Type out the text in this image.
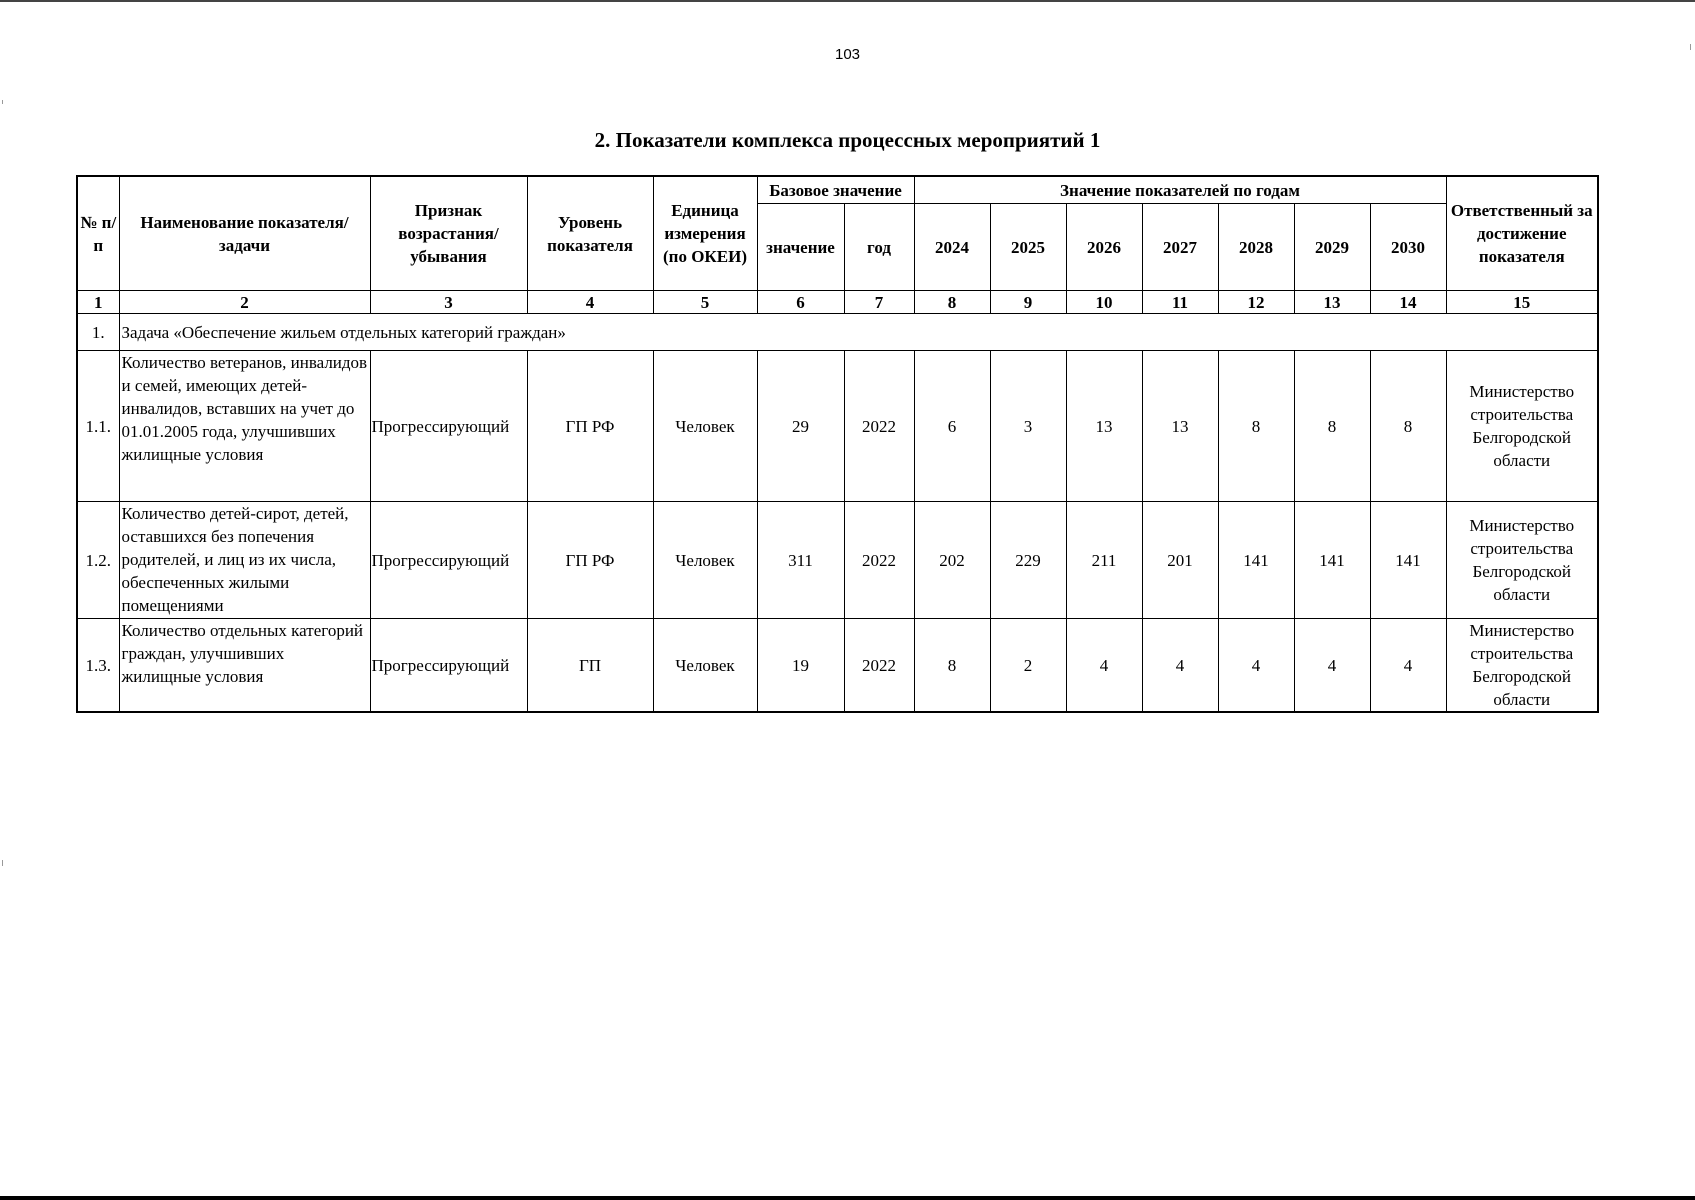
103
2. Показатели комплекса процессных мероприятий 1
№ п/п	Наименование показателя/задачи	Признак возрастания/ убывания	Уровень показателя	Единица измерения (по ОКЕИ)	Базовое значение		Значение показателей по годам							Ответственный за достижение показателя
					значение	год	2024	2025	2026	2027	2028	2029	2030	
1	2	3	4	5	6	7	8	9	10	11	12	13	14	15
1.	Задача «Обеспечение жильем отдельных категорий граждан»													
1.1.	Количество ветеранов, инвалидов и семей, имеющих детей-инвалидов, вставших на учет до 01.01.2005 года, улучшивших жилищные условия	Прогрессирующий	ГП РФ	Человек	29	2022	6	3	13	13	8	8	8	Министерство строительства Белгородской области
1.2.	Количество детей-сирот, детей, оставшихся без попечения родителей, и лиц из их числа, обеспеченных жилыми помещениями	Прогрессирующий	ГП РФ	Человек	311	2022	202	229	211	201	141	141	141	Министерство строительства Белгородской области
1.3.	Количество отдельных категорий граждан, улучшивших жилищные условия	Прогрессирующий	ГП	Человек	19	2022	8	2	4	4	4	4	4	Министерство строительства Белгородской области
